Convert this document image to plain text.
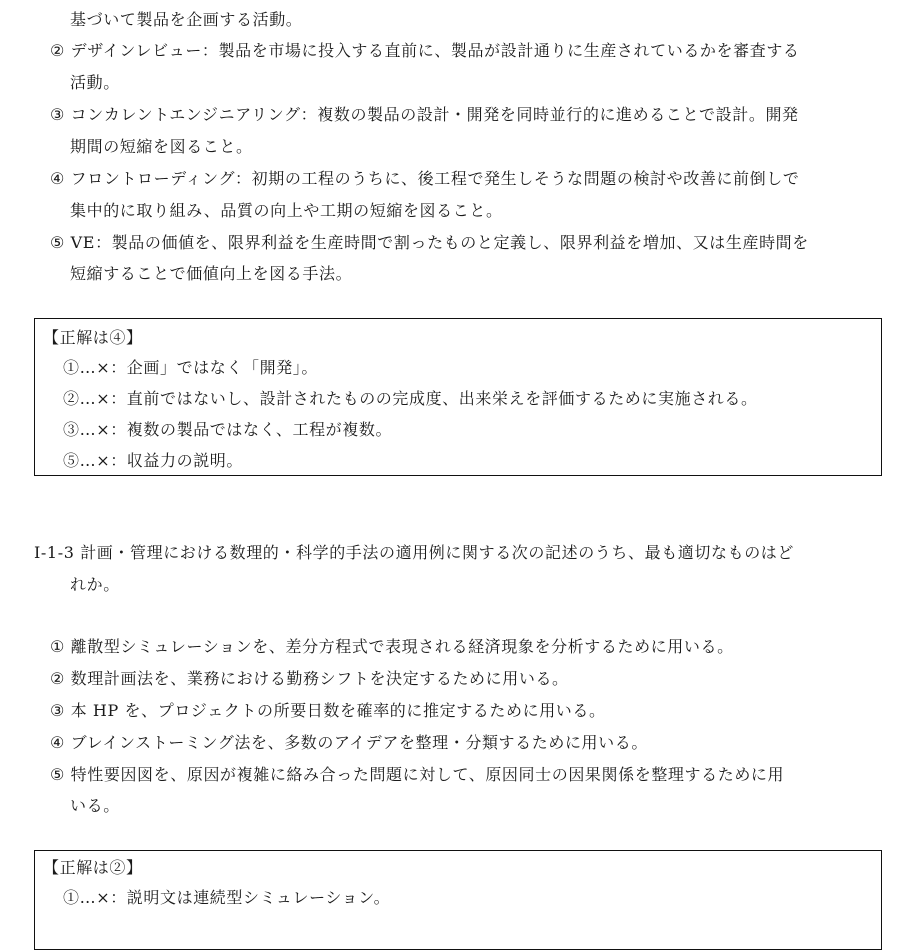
基づいて製品を企画する活動。
② デザインレビュー：製品を市場に投入する直前に、製品が設計通りに生産されているかを審査する
活動。
③ コンカレントエンジニアリング：複数の製品の設計・開発を同時並行的に進めることで設計。開発
期間の短縮を図ること。
④ フロントローディング：初期の工程のうちに、後工程で発生しそうな問題の検討や改善に前倒しで
集中的に取り組み、品質の向上や工期の短縮を図ること。
⑤ VE：製品の価値を、限界利益を生産時間で割ったものと定義し、限界利益を増加、又は生産時間を
短縮することで価値向上を図る手法。
【正解は④】
①…×：企画」ではなく「開発」。
②…×：直前ではないし、設計されたものの完成度、出来栄えを評価するために実施される。
③…×：複数の製品ではなく、工程が複数。
⑤…×：収益力の説明。
I-1-3 計画・管理における数理的・科学的手法の適用例に関する次の記述のうち、最も適切なものはど
れか。
① 離散型シミュレーションを、差分方程式で表現される経済現象を分析するために用いる。
② 数理計画法を、業務における勤務シフトを決定するために用いる。
③ 本 HP を、プロジェクトの所要日数を確率的に推定するために用いる。
④ ブレインストーミング法を、多数のアイデアを整理・分類するために用いる。
⑤ 特性要因図を、原因が複雑に絡み合った問題に対して、原因同士の因果関係を整理するために用
いる。
【正解は②】
①…×：説明文は連続型シミュレーション。
